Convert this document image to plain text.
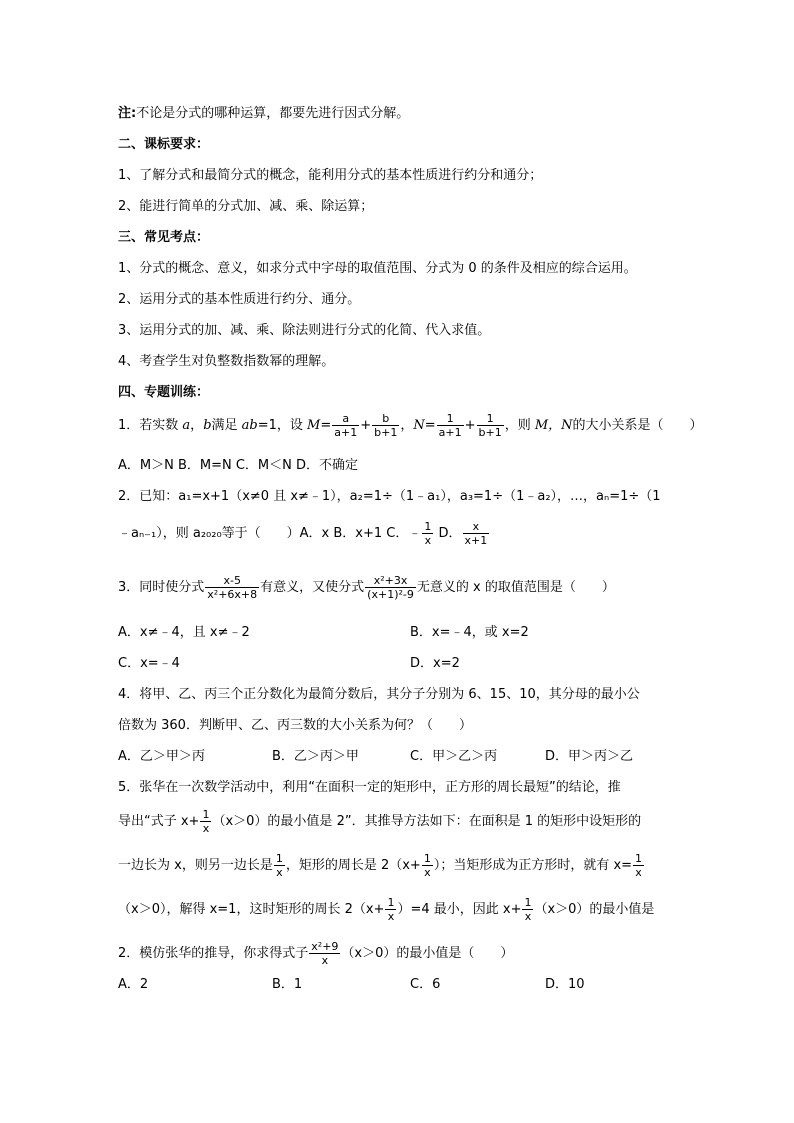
注:不论是分式的哪种运算，都要先进行因式分解。
二、课标要求：
1、了解分式和最简分式的概念，能利用分式的基本性质进行约分和通分；
2、能进行简单的分式加、减、乘、除运算；
三、常见考点：
1、分式的概念、意义，如求分式中字母的取值范围、分式为 0 的条件及相应的综合运用。
2、运用分式的基本性质进行约分、通分。
3、运用分式的加、减、乘、除法则进行分式的化简、代入求值。
4、考查学生对负整数指数幂的理解。
四、专题训练：
1．若实数 a，b满足 ab=1，设 $M= \frac{a}{a+1} + \frac{b}{b+1}$ ，$N= \frac{1}{a+1} + \frac{1}{b+1}$ ，则 M，N的大小关系是（　　）
A．M＞N B．M=N C．M＜N D．不确定
2．已知：a₁=x+1（x≠0 且 x≠﹣1），a₂=1÷（1﹣a₁），a₃=1÷（1﹣a₂），…，aₙ=1÷（1
﹣aₙ₋₁），则 a₂₀₂₀等于（　　）A．x B．x+1 C．﹣ $\frac{1}{x}$ D． $\frac{x}{x+1}$
3．同时使分式 $\frac{x-5}{\text{x²+6x+8}}$ 有意义，又使分式 $\frac{\text{x²+3x}}{\text{(x+1)²-9}}$ 无意义的 x 的取值范围是（　　）
A．x≠﹣4，且 x≠﹣2	B．x=﹣4，或 x=2
C．x=﹣4	D．x=2
4．将甲、乙、丙三个正分数化为最简分数后，其分子分别为 6、15、10，其分母的最小公
倍数为 360．判断甲、乙、丙三数的大小关系为何？（　　）
A．乙＞甲＞丙	B．乙＞丙＞甲	C．甲＞乙＞丙	D．甲＞丙＞乙
5．张华在一次数学活动中，利用“在面积一定的矩形中，正方形的周长最短”的结论，推
导出“式子 $x+ \frac{1}{x} (x>0)$的最小值是 2”．其推导方法如下：在面积是 1 的矩形中设矩形的
一边长为 x，则另一边长是 $\frac{1}{x}$ ，矩形的周长是 $2(x+ \frac{1}{x}$ ）；当矩形成为正方形时，就有 $x= \frac{1}{x}$
（x＞0），解得 x=1，这时矩形的周长 $2(x+ \frac{1}{x} )=4$ 最小，因此 $x+ \frac{1}{x} (x>0)$的最小值是
2．模仿张华的推导，你求得式子 $\frac{\text{x²+9}}{x} (x>0)$的最小值是（　　）
A．2	B．1	C．6	D．10
